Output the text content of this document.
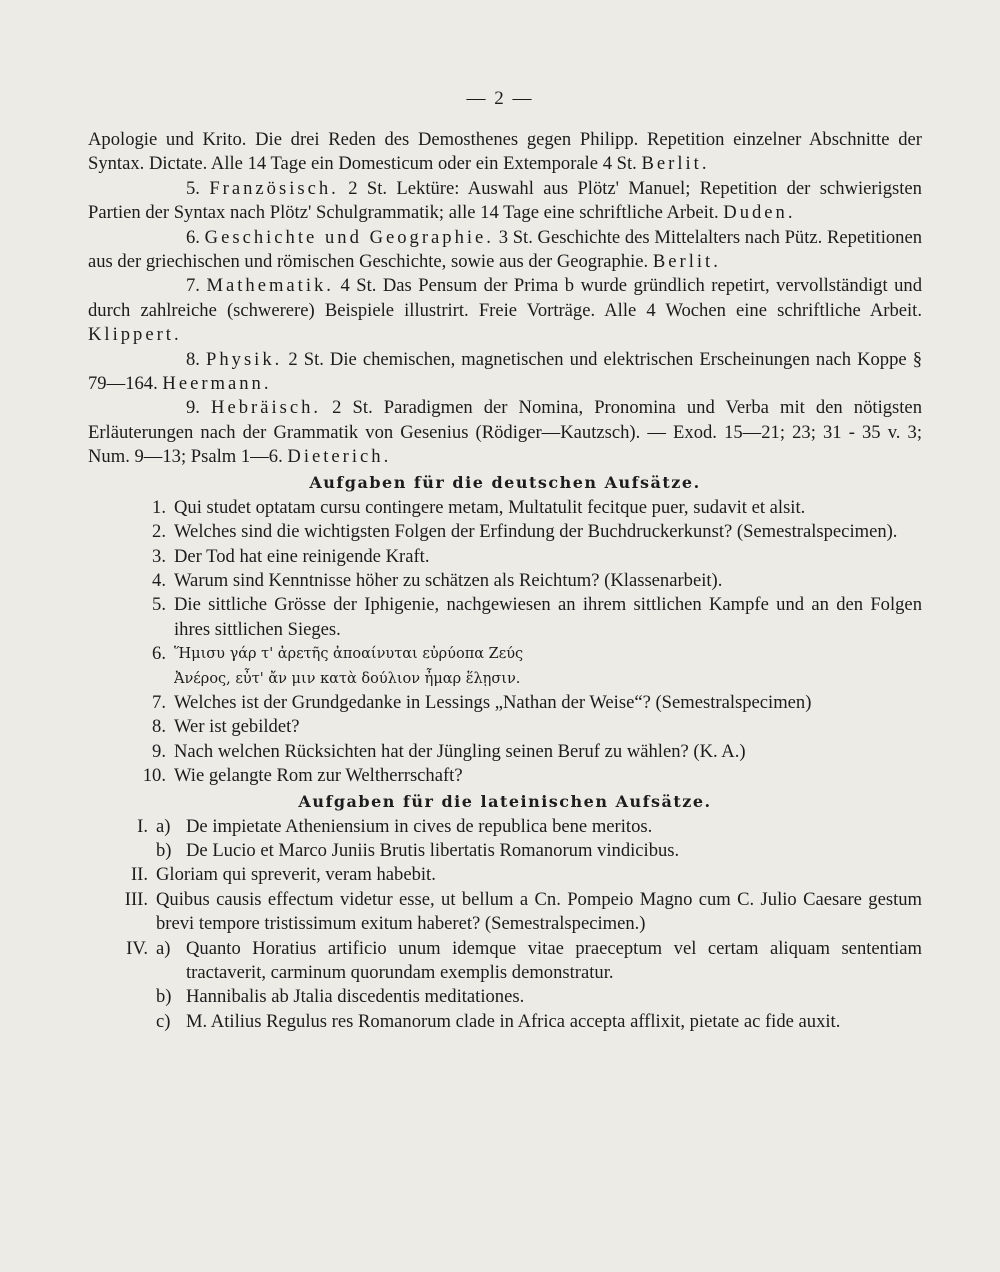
— 2 —

Apologie und Krito. Die drei Reden des Demosthenes gegen Philipp. Repetition einzelner Abschnitte der Syntax. Dictate. Alle 14 Tage ein Domesticum oder ein Extemporale 4 St. Berlit.

5. Französisch. 2 St. Lektüre: Auswahl aus Plötz' Manuel; Repetition der schwierigsten Partien der Syntax nach Plötz' Schulgrammatik; alle 14 Tage eine schriftliche Arbeit. Duden.

6. Geschichte und Geographie. 3 St. Geschichte des Mittelalters nach Pütz. Repetitionen aus der griechischen und römischen Geschichte, sowie aus der Geographie. Berlit.

7. Mathematik. 4 St. Das Pensum der Prima b wurde gründlich repetirt, vervollständigt und durch zahlreiche (schwerere) Beispiele illustrirt. Freie Vorträge. Alle 4 Wochen eine schriftliche Arbeit. Klippert.

8. Physik. 2 St. Die chemischen, magnetischen und elektrischen Erscheinungen nach Koppe § 79—164. Heermann.

9. Hebräisch. 2 St. Paradigmen der Nomina, Pronomina und Verba mit den nötigsten Erläuterungen nach der Grammatik von Gesenius (Rödiger—Kautzsch). — Exod. 15—21; 23; 31 - 35 v. 3; Num. 9—13; Psalm 1—6. Dieterich.

Aufgaben für die deutschen Aufsätze.

1. Qui studet optatam cursu contingere metam, Multatulit fecitque puer, sudavit et alsit.
2. Welches sind die wichtigsten Folgen der Erfindung der Buchdruckerkunst? (Semestralspecimen).
3. Der Tod hat eine reinigende Kraft.
4. Warum sind Kenntnisse höher zu schätzen als Reichtum? (Klassenarbeit).
5. Die sittliche Grösse der Iphigenie, nachgewiesen an ihrem sittlichen Kampfe und an den Folgen ihres sittlichen Sieges.
6. Ἥμισυ γάρ τ' ἀρετῆς ἀποαίνυται εὐρύοπα Ζεύς
Ἀνέρος, εὖτ' ἄν μιν κατὰ δούλιον ἦμαρ ἕλῃσιν.
7. Welches ist der Grundgedanke in Lessings „Nathan der Weise“? (Semestralspecimen)
8. Wer ist gebildet?
9. Nach welchen Rücksichten hat der Jüngling seinen Beruf zu wählen? (K. A.)
10. Wie gelangte Rom zur Weltherrschaft?

Aufgaben für die lateinischen Aufsätze.

I. a) De impietate Atheniensium in cives de republica bene meritos.
b) De Lucio et Marco Juniis Brutis libertatis Romanorum vindicibus.
II. Gloriam qui spreverit, veram habebit.
III. Quibus causis effectum videtur esse, ut bellum a Cn. Pompeio Magno cum C. Julio Caesare gestum brevi tempore tristissimum exitum haberet? (Semestralspecimen.)
IV. a) Quanto Horatius artificio unum idemque vitae praeceptum vel certam aliquam sententiam tractaverit, carminum quorundam exemplis demonstratur.
b) Hannibalis ab Jtalia discedentis meditationes.
c) M. Atilius Regulus res Romanorum clade in Africa accepta afflixit, pietate ac fide auxit.
